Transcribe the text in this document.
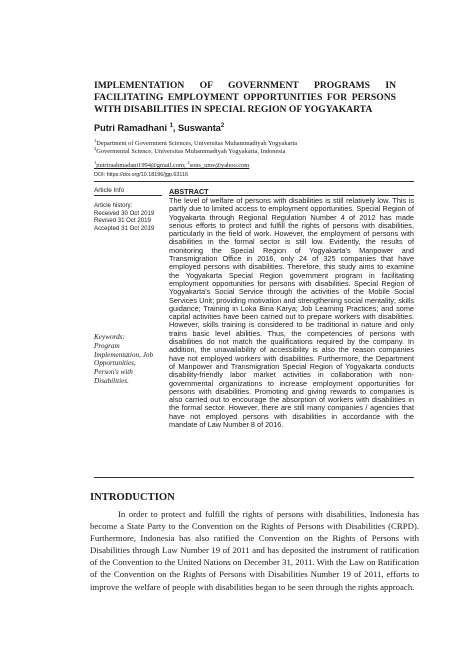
IMPLEMENTATION OF GOVERNMENT PROGRAMS IN FACILITATING EMPLOYMENT OPPORTUNITIES FOR PERSONS WITH DISABILITIES IN SPECIAL REGION OF YOGYAKARTA

Putri Ramadhani $^1$, Suswanta$^2$

$^1$Department of Government Sciences, Universitas Muhammadiyah Yogyakarta

$^2$Govermental Science, Universitas Muhammadiyah Yogyakarta, Indonesia

$^1$putriraahmadani1994@gmail.com; $^2$sons_unw@yahoo.com

DOI: https://doi.org/10.18196/jgp.63116

Article Info

Article history:
Received 30 Oct 2019
Revised 31 Oct 2019
Accepted 31 Oct 2019
Keywords:
Program Implementation, Job Opportunities, Person's with Disabilities.

ABSTRACT

The level of welfare of persons with disabilities is still relatively low. This is partly due to limited access to employment opportunities. Special Region of Yogyakarta through Regional Regulation Number 4 of 2012 has made serious efforts to protect and fulfill the rights of persons with disabilities, particularly in the field of work. However, the employment of persons with disabilities in the formal sector is still low. Evidently, the results of monitoring the Special Region of Yogyakarta's Manpower and Transmigration Office in 2016, only 24 of 325 companies that have employed persons with disabilities. Therefore, this study aims to examine the Yogyakarta Special Region government program in facilitating employment opportunities for persons with disabilities. Special Region of Yogyakarta's Social Service through the activities of the Mobile Social Services Unit; providing motivation and strengthening social mentality; skills guidance; Training in Loka Bina Karya; Job Learning Practices; and some capital activities have been carried out to prepare workers with disabilities. However, skills training is considered to be traditional in nature and only trains basic level abilities. Thus, the competencies of persons with disabilities do not match the qualifications required by the company. In addition, the unavailability of accessibility is also the reason companies have not employed workers with disabilities. Furthermore, the Department of Manpower and Transmigration Special Region of Yogyakarta conducts disability-friendly labor market activities in collaboration with non-governmental organizations to increase employment opportunities for persons with disabilities. Promoting and giving rewards to companies is also carried out to encourage the absorption of workers with disabilities in the formal sector. However, there are still many companies / agencies that have not employed persons with disabilities in accordance with the mandate of Law Number 8 of 2016.

INTRODUCTION

In order to protect and fulfill the rights of persons with disabilities, Indonesia has become a State Party to the Convention on the Rights of Persons with Disabilities (CRPD). Furthermore, Indonesia has also ratified the Convention on the Rights of Persons with Disabilities through Law Number 19 of 2011 and has deposited the instrument of ratification of the Convention to the United Nations on December 31, 2011. With the Law on Ratification of the Convention on the Rights of Persons with Disabilities Number 19 of 2011, efforts to improve the welfare of people with disabilities began to be seen through the rights approach.
